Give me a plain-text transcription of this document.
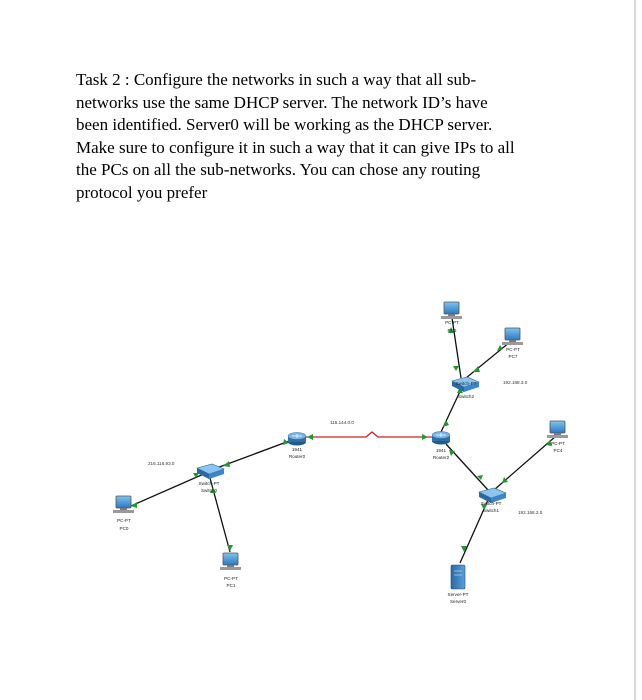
Task 2 : Configure the networks in such a way that all sub-
networks use the same DHCP server. The network ID’s have
been identified. Server0 will be working as the DHCP server.
Make sure to configure it in such a way that it can give IPs to all
the PCs on all the sub-networks. You can chose any routing
protocol you prefer
216.116.93.0
115.144.0.0
192.168.3.0
192.168.2.0
PC-PT
PC0
Switch-PT
Switch0
PC-PT
PC1
1941
Router0
1941
Router2
Switch-PT
Switch2
PC-PT
PC6
PC-PT
PC7
Switch-PT
Switch1
PC-PT
PC4
Server-PT
Server0
